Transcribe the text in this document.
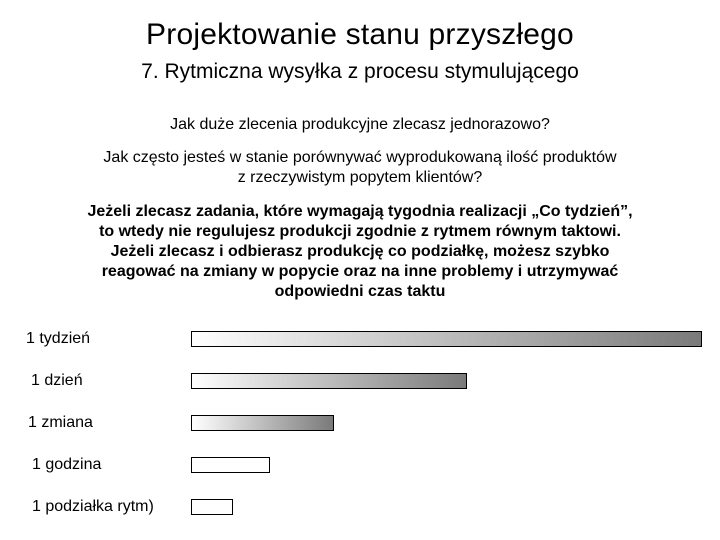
Projektowanie stanu przyszłego
7. Rytmiczna wysyłka z procesu stymulującego
Jak duże zlecenia produkcyjne zlecasz jednorazowo?
Jak często jesteś w stanie porównywać wyprodukowaną ilość produktów
z rzeczywistym popytem klientów?
Jeżeli zlecasz zadania, które wymagają tygodnia realizacji „Co tydzień”,
to wtedy nie regulujesz produkcji zgodnie z rytmem równym taktowi.
Jeżeli zlecasz i odbierasz produkcję co podziałkę, możesz szybko
reagować na zmiany w popycie oraz na inne problemy i utrzymywać
odpowiedni czas taktu
1 tydzień
1 dzień
1 zmiana
1 godzina
1 podziałka rytm)
